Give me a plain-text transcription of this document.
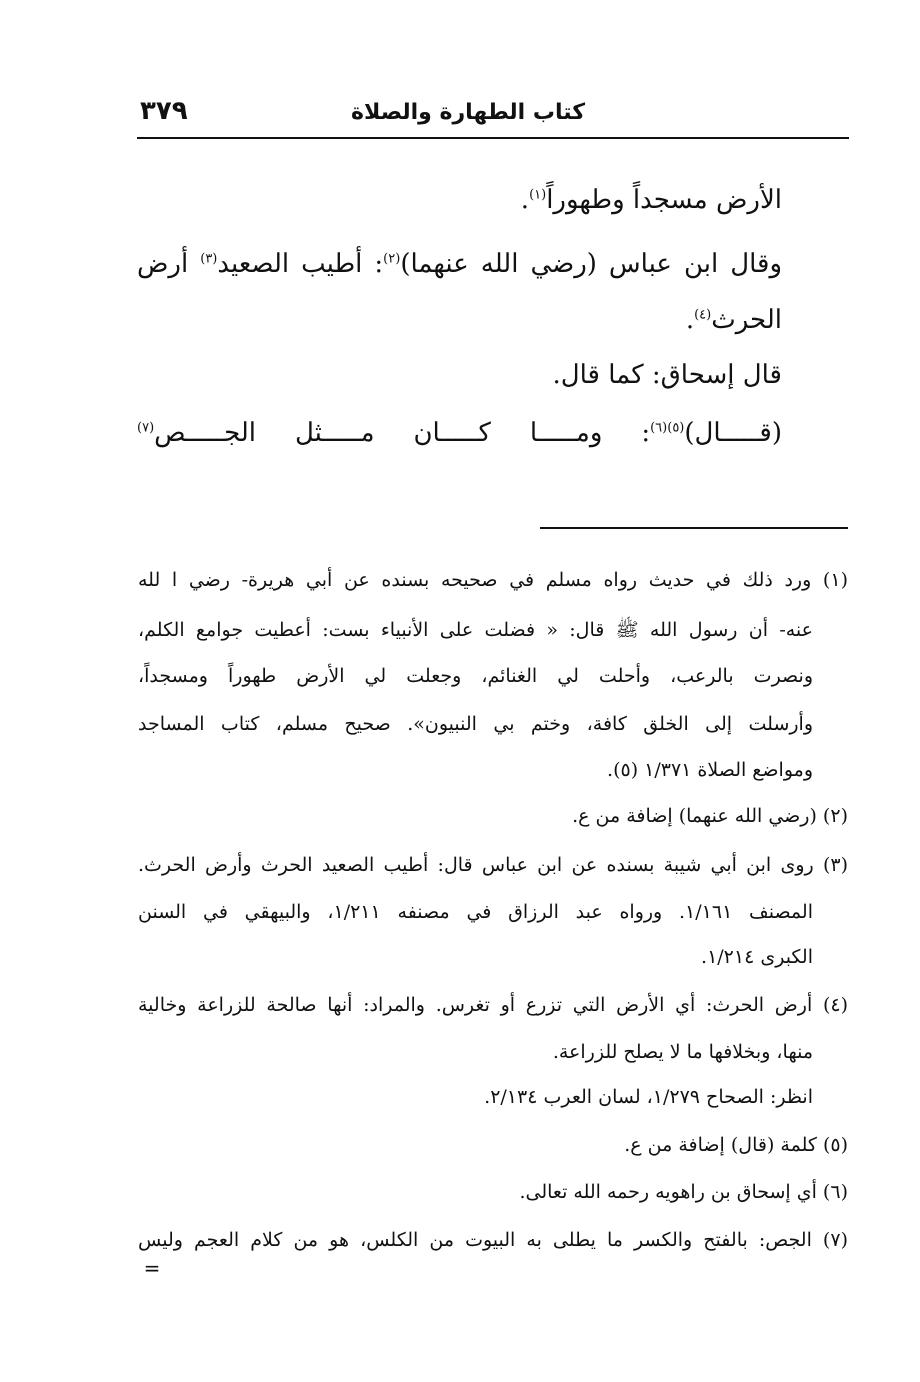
كتاب الطهارة والصلاة
٣٧٩
الأرض مسجداً وطهوراً$^{(١)}$.
وقال ابن عباس (رضي الله عنهما)$^{(٢)}$: أطيب الصعيد$^{(٣)}$ أرض
الحرث$^{(٤)}$.
قال إسحاق: كما قال.
(قـــــال)$^{(٥)(٦)}$: ومـــــا كـــــان مـــــثل الجـــــص$^{(٧)}$
(١) ورد ذلك في حديث رواه مسلم في صحيحه بسنده عن أبي هريرة- رضي ا لله
عنه- أن رسول الله ﷺ قال: « فضلت على الأنبياء بست: أعطيت جوامع الكلم،
ونصرت بالرعب، وأحلت لي الغنائم، وجعلت لي الأرض طهوراً ومسجداً،
وأرسلت إلى الخلق كافة، وختم بي النبيون». صحيح مسلم، كتاب المساجد
ومواضع الصلاة ١/٣٧١ (٥).
(٢) (رضي الله عنهما) إضافة من ع.
(٣) روى ابن أبي شيبة بسنده عن ابن عباس قال: أطيب الصعيد الحرث وأرض الحرث.
المصنف ١/١٦١. ورواه عبد الرزاق في مصنفه ١/٢١١، والبيهقي في السنن
الكبرى ١/٢١٤.
(٤) أرض الحرث: أي الأرض التي تزرع أو تغرس. والمراد: أنها صالحة للزراعة وخالية
منها، وبخلافها ما لا يصلح للزراعة.
انظر: الصحاح ١/٢٧٩، لسان العرب ٢/١٣٤.
(٥) كلمة (قال) إضافة من ع.
(٦) أي إسحاق بن راهويه رحمه الله تعالى.
(٧) الجص: بالفتح والكسر ما يطلى به البيوت من الكلس، هو من كلام العجم وليس
=
